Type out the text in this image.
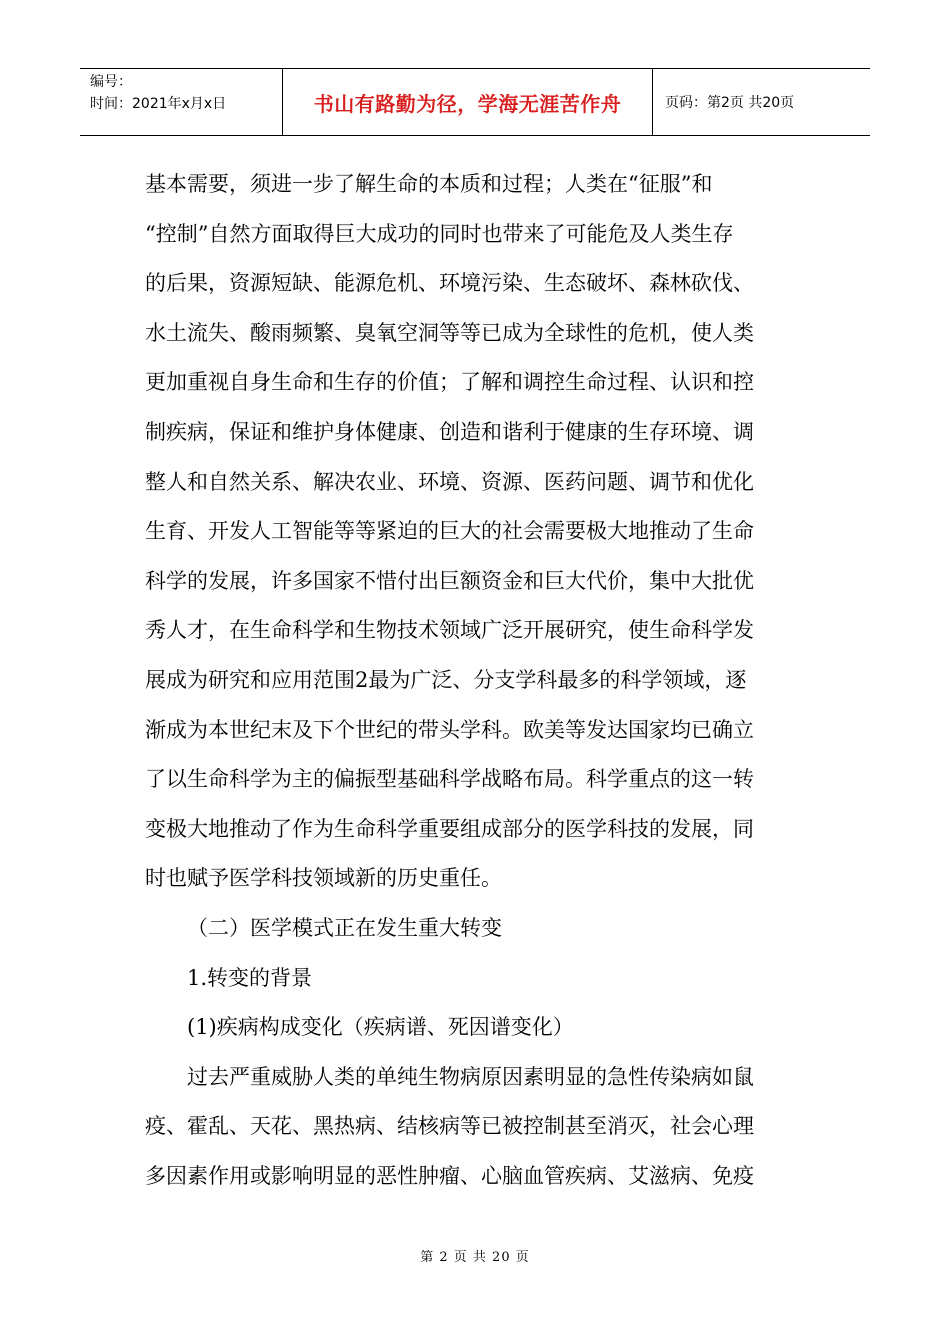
编号：
时间：2021年x月x日	书山有路勤为径，学海无涯苦作舟	页码：第2页 共20页
基本需要，须进一步了解生命的本质和过程；人类在“征服”和
“控制”自然方面取得巨大成功的同时也带来了可能危及人类生存
的后果，资源短缺、能源危机、环境污染、生态破坏、森林砍伐、
水土流失、酸雨频繁、臭氧空洞等等已成为全球性的危机，使人类
更加重视自身生命和生存的价值；了解和调控生命过程、认识和控
制疾病，保证和维护身体健康、创造和谐利于健康的生存环境、调
整人和自然关系、解决农业、环境、资源、医药问题、调节和优化
生育、开发人工智能等等紧迫的巨大的社会需要极大地推动了生命
科学的发展，许多国家不惜付出巨额资金和巨大代价，集中大批优
秀人才，在生命科学和生物技术领域广泛开展研究，使生命科学发
展成为研究和应用范围2最为广泛、分支学科最多的科学领域，逐
渐成为本世纪末及下个世纪的带头学科。欧美等发达国家均已确立
了以生命科学为主的偏振型基础科学战略布局。科学重点的这一转
变极大地推动了作为生命科学重要组成部分的医学科技的发展，同
时也赋予医学科技领域新的历史重任。
（二）医学模式正在发生重大转变
1.转变的背景
(1)疾病构成变化（疾病谱、死因谱变化）
过去严重威胁人类的单纯生物病原因素明显的急性传染病如鼠
疫、霍乱、天花、黑热病、结核病等已被控制甚至消灭，社会心理
多因素作用或影响明显的恶性肿瘤、心脑血管疾病、艾滋病、免疫
第 2 页 共 20 页
